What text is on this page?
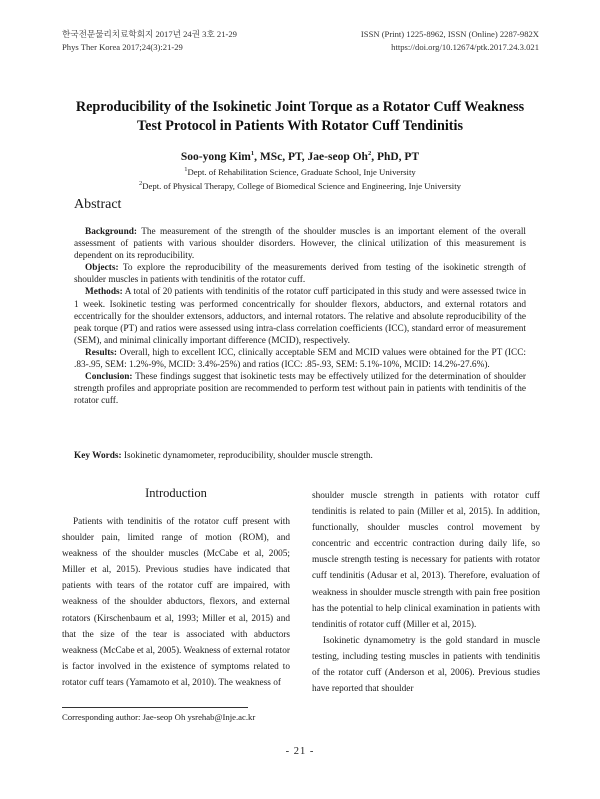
한국전문물리치료학회지 2017년 24권 3호 21-29
Phys Ther Korea 2017;24(3):21-29
ISSN (Print) 1225-8962, ISSN (Online) 2287-982X
https://doi.org/10.12674/ptk.2017.24.3.021
Reproducibility of the Isokinetic Joint Torque as a Rotator Cuff Weakness
Test Protocol in Patients With Rotator Cuff Tendinitis
Soo-yong Kim$^1$, MSc, PT, Jae-seop Oh$^2$, PhD, PT
$^1$Dept. of Rehabilitation Science, Graduate School, Inje University
$^2$Dept. of Physical Therapy, College of Biomedical Science and Engineering, Inje University
Abstract

Background: The measurement of the strength of the shoulder muscles is an important element of the overall assessment of patients with various shoulder disorders. However, the clinical utilization of this measurement is dependent on its reproducibility.

Objects: To explore the reproducibility of the measurements derived from testing of the isokinetic strength of shoulder muscles in patients with tendinitis of the rotator cuff.

Methods: A total of 20 patients with tendinitis of the rotator cuff participated in this study and were assessed twice in 1 week. Isokinetic testing was performed concentrically for shoulder flexors, abductors, and external rotators and eccentrically for the shoulder extensors, adductors, and internal rotators. The relative and absolute reproducibility of the peak torque (PT) and ratios were assessed using intra-class correlation coefficients (ICC), standard error of measurement (SEM), and minimal clinically important difference (MCID), respectively.

Results: Overall, high to excellent ICC, clinically acceptable SEM and MCID values were obtained for the PT (ICC: .83-.95, SEM: 1.2%-9%, MCID: 3.4%-25%) and ratios (ICC: .85-.93, SEM: 5.1%-10%, MCID: 14.2%-27.6%).

Conclusion: These findings suggest that isokinetic tests may be effectively utilized for the determination of shoulder strength profiles and appropriate position are recommended to perform test without pain in patients with tendinitis of the rotator cuff.

Key Words: Isokinetic dynamometer, reproducibility, shoulder muscle strength.
Introduction

Patients with tendinitis of the rotator cuff present with shoulder pain, limited range of motion (ROM), and weakness of the shoulder muscles (McCabe et al, 2005; Miller et al, 2015). Previous studies have indicated that patients with tears of the rotator cuff are impaired, with weakness of the shoulder abductors, flexors, and external rotators (Kirschenbaum et al, 1993; Miller et al, 2015) and that the size of the tear is associated with abductors weakness (McCabe et al, 2005). Weakness of external rotator is factor involved in the existence of symptoms related to rotator cuff tears (Yamamoto et al, 2010). The weakness of

shoulder muscle strength in patients with rotator cuff tendinitis is related to pain (Miller et al, 2015). In addition, functionally, shoulder muscles control movement by concentric and eccentric contraction during daily life, so muscle strength testing is necessary for patients with rotator cuff tendinitis (Adusar et al, 2013). Therefore, evaluation of weakness in shoulder muscle strength with pain free position has the potential to help clinical examination in patients with tendinitis of rotator cuff (Miller et al, 2015).

Isokinetic dynamometry is the gold standard in muscle testing, including testing muscles in patients with tendinitis of the rotator cuff (Anderson et al, 2006). Previous studies have reported that shoulder

Corresponding author: Jae-seop Oh ysrehab@Inje.ac.kr
- 21 -
